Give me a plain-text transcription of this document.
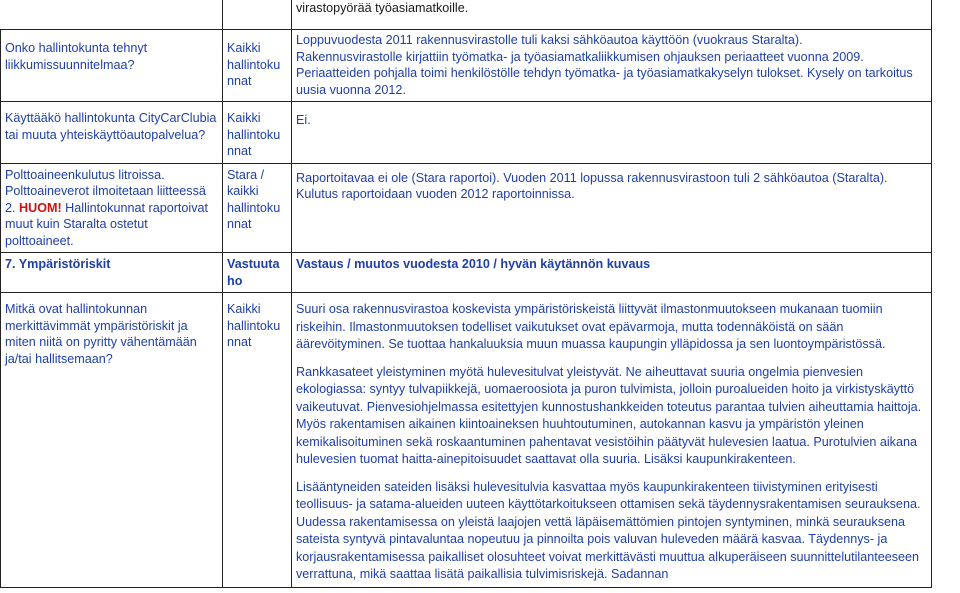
		virastopyörää työasiamatkoille.
Onko hallintokunta tehnyt liikkumissuunnitelmaa?	Kaikki hallintoku nnat	Loppuvuodesta 2011 rakennusvirastolle tuli kaksi sähköautoa käyttöön (vuokraus Staralta).

Rakennusvirastolle kirjattiin työmatka- ja työasiamatkaliikkumisen ohjauksen periaatteet vuonna 2009.

Periaatteiden pohjalla toimi henkilöstölle tehdyn työmatka- ja työasiamatkakyselyn tulokset. Kysely on tarkoitus uusia vuonna 2012.

Käyttääkö hallintokunta CityCarClubia tai muuta yhteiskäyttöautopalvelua?	Kaikki hallintoku nnat	Ei.
Polttoaineenkulutus litroissa. Polttoaineverot ilmoitetaan liitteessä 2. HUOM! Hallintokunnat raportoivat muut kuin Staralta ostetut polttoaineet.	Stara / kaikki hallintoku nnat	Raportoitavaa ei ole (Stara raportoi). Vuoden 2011 lopussa rakennusvirastoon tuli 2 sähköautoa (Staralta). Kulutus raportoidaan vuoden 2012 raportoinnissa.
7. Ympäristöriskit	Vastuuta ho	Vastaus / muutos vuodesta 2010 / hyvän käytännön kuvaus
Mitkä ovat hallintokunnan merkittävimmät ympäristöriskit ja miten niitä on pyritty vähentämään ja/tai hallitsemaan?	Kaikki hallintoku nnat	Suuri osa rakennusvirastoa koskevista ympäristöriskeistä liittyvät ilmastonmuutokseen mukanaan tuomiin riskeihin. Ilmastonmuutoksen todelliset vaikutukset ovat epävarmoja, mutta todennäköistä on sään äärevöityminen. Se tuottaa hankaluuksia muun muassa kaupungin ylläpidossa ja sen luontoympäristössä.

Rankkasateet yleistyminen myötä hulevesitulvat yleistyvät. Ne aiheuttavat suuria ongelmia pienvesien ekologiassa: syntyy tulvapiikkejä, uomaeroosiota ja puron tulvimista, jolloin puroalueiden hoito ja virkistyskäyttö vaikeutuvat. Pienvesiohjelmassa esitettyjen kunnostushankkeiden toteutus parantaa tulvien aiheuttamia haittoja. Myös rakentamisen aikainen kiintoaineksen huuhtoutuminen, autokannan kasvu ja ympäristön yleinen kemikalisoituminen sekä roskaantuminen pahentavat vesistöihin päätyvät hulevesien laatua. Purotulvien aikana hulevesien tuomat haitta-ainepitoisuudet saattavat olla suuria. Lisäksi kaupunkirakenteen.

Lisääntyneiden sateiden lisäksi hulevesitulvia kasvattaa myös kaupunkirakenteen tiivistyminen erityisesti teollisuus- ja satama-alueiden uuteen käyttötarkoitukseen ottamisen sekä täydennysrakentamisen seurauksena. Uudessa rakentamisessa on yleistä laajojen vettä läpäisemättömien pintojen syntyminen, minkä seurauksena sateista syntyvä pintavaluntaa nopeutuu ja pinnoilta pois valuvan huleveden määrä kasvaa. Täydennys- ja korjausrakentamisessa paikalliset olosuhteet voivat merkittävästi muuttua alkuperäiseen suunnittelutilanteeseen verrattuna, mikä saattaa lisätä paikallisia tulvimisriskejä. Sadannan
